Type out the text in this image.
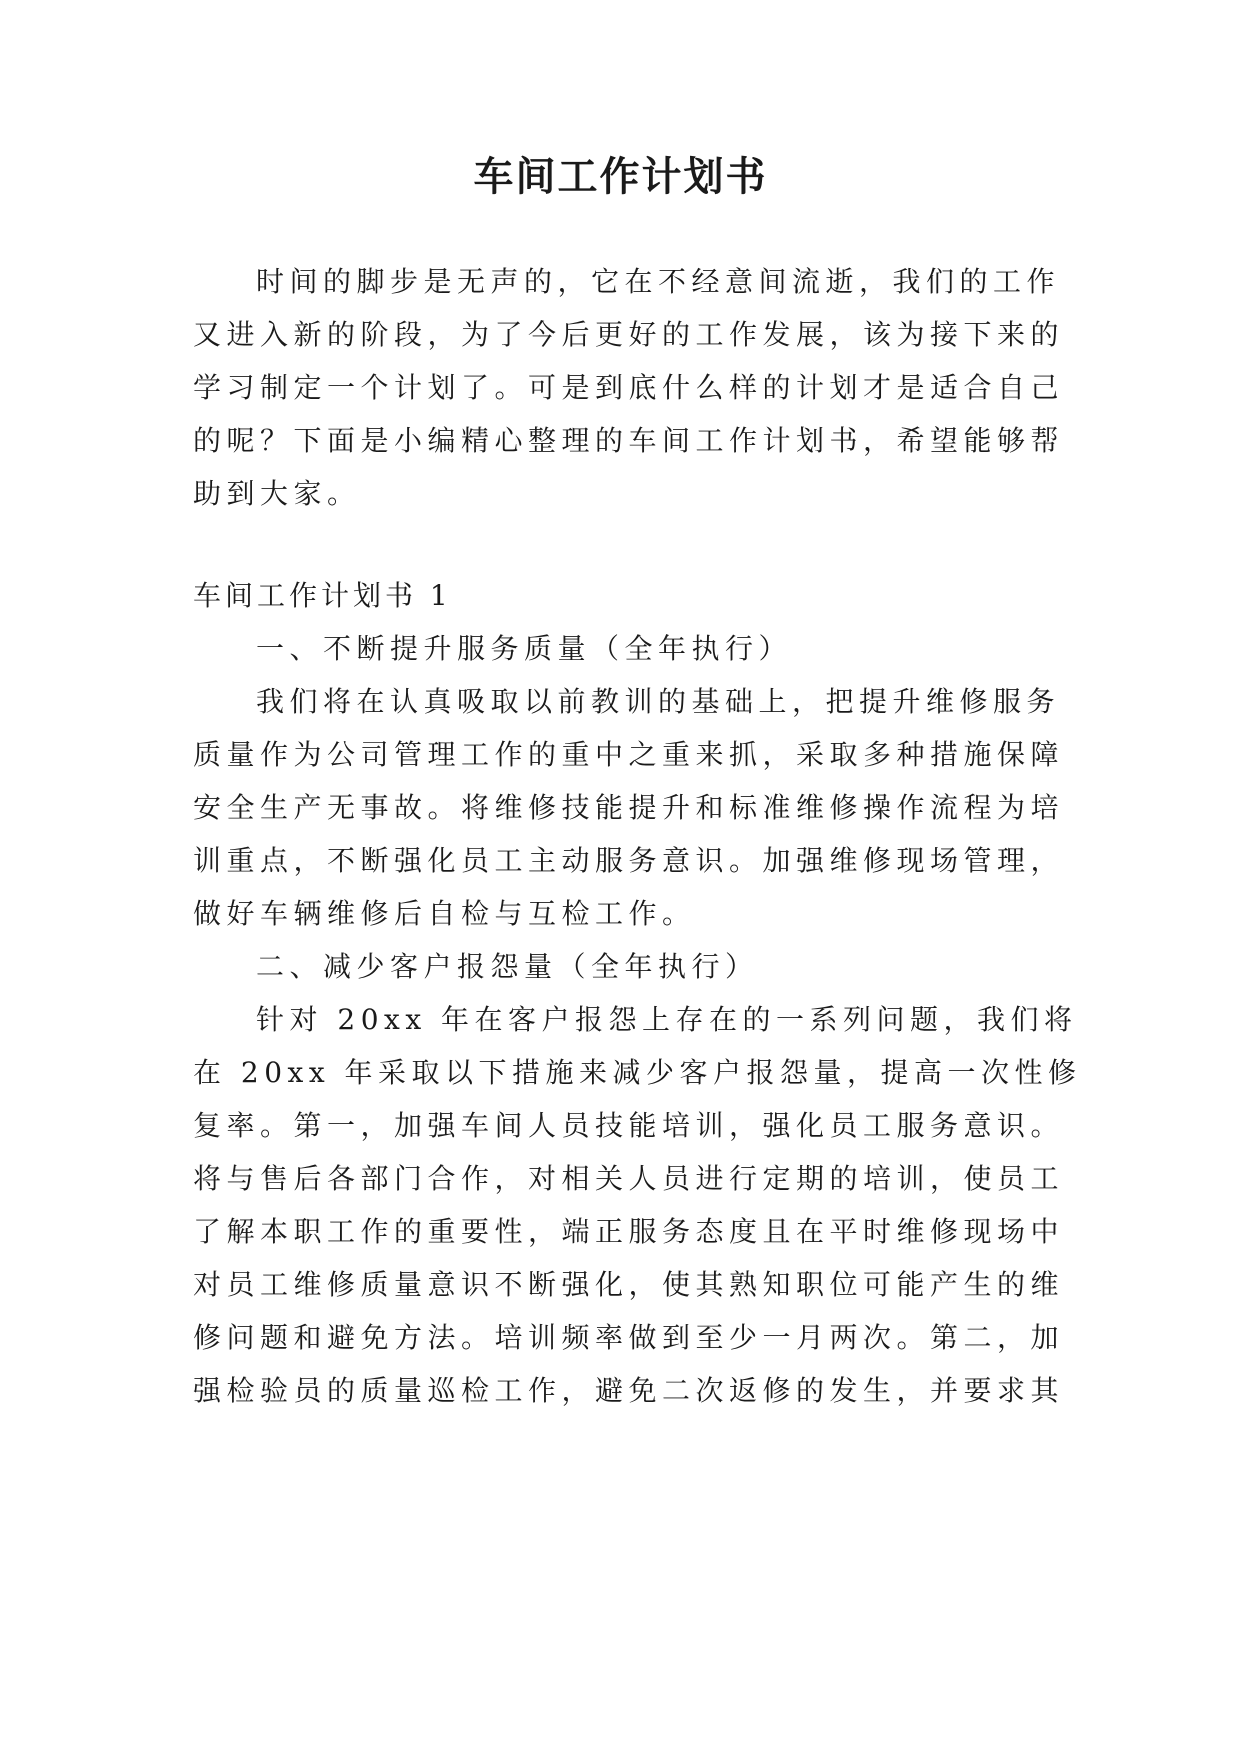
车间工作计划书
时间的脚步是无声的，它在不经意间流逝，我们的工作
又进入新的阶段，为了今后更好的工作发展，该为接下来的
学习制定一个计划了。可是到底什么样的计划才是适合自己
的呢？下面是小编精心整理的车间工作计划书，希望能够帮
助到大家。
车间工作计划书 1
一、不断提升服务质量（全年执行）
我们将在认真吸取以前教训的基础上，把提升维修服务
质量作为公司管理工作的重中之重来抓，采取多种措施保障
安全生产无事故。将维修技能提升和标准维修操作流程为培
训重点，不断强化员工主动服务意识。加强维修现场管理，
做好车辆维修后自检与互检工作。
二、减少客户报怨量（全年执行）
针对 20xx 年在客户报怨上存在的一系列问题，我们将
在 20xx 年采取以下措施来减少客户报怨量，提高一次性修
复率。第一，加强车间人员技能培训，强化员工服务意识。
将与售后各部门合作，对相关人员进行定期的培训，使员工
了解本职工作的重要性，端正服务态度且在平时维修现场中
对员工维修质量意识不断强化，使其熟知职位可能产生的维
修问题和避免方法。培训频率做到至少一月两次。第二，加
强检验员的质量巡检工作，避免二次返修的发生，并要求其
